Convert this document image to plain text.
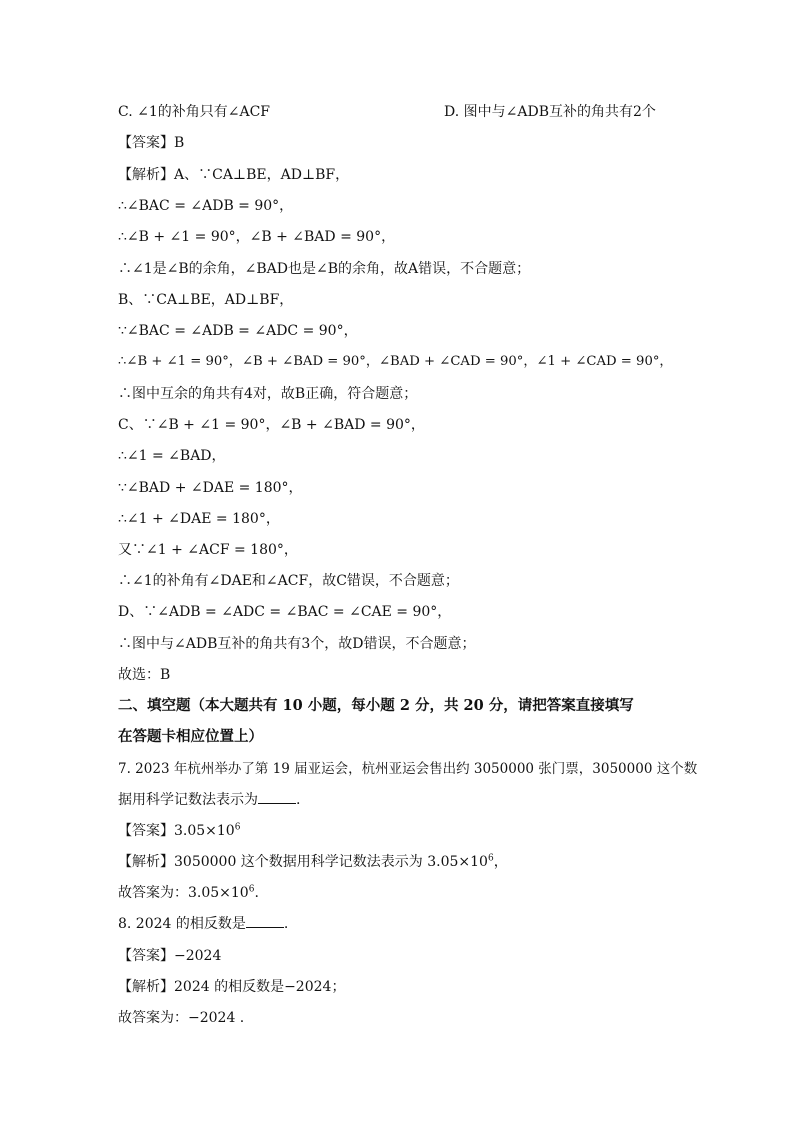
C. ∠1的补角只有∠ACF	D. 图中与∠ADB互补的角共有2个
【答案】B
【解析】A、∵CA⊥BE，AD⊥BF，
∴∠BAC = ∠ADB = 90°，
∴∠B + ∠1 = 90°，∠B + ∠BAD = 90°，
∴∠1是∠B的余角，∠BAD也是∠B的余角，故A错误，不合题意；
B、∵CA⊥BE，AD⊥BF，
∵∠BAC = ∠ADB = ∠ADC = 90°，
∴∠B + ∠1 = 90°，∠B + ∠BAD = 90°，∠BAD + ∠CAD = 90°，∠1 + ∠CAD = 90°，
∴图中互余的角共有4对，故B正确，符合题意；
C、∵∠B + ∠1 = 90°，∠B + ∠BAD = 90°，
∴∠1 = ∠BAD，
∵∠BAD + ∠DAE = 180°，
∴∠1 + ∠DAE = 180°，
又∵∠1 + ∠ACF = 180°，
∴∠1的补角有∠DAE和∠ACF，故C错误，不合题意；
D、∵∠ADB = ∠ADC = ∠BAC = ∠CAE = 90°，
∴图中与∠ADB互补的角共有3个，故D错误，不合题意；
故选：B
二、填空题（本大题共有 10 小题，每小题 2 分，共 20 分，请把答案直接填写
在答题卡相应位置上）
7. 2023 年杭州举办了第 19 届亚运会，杭州亚运会售出约 3050000 张门票，3050000 这个数
据用科学记数法表示为	.
【答案】$3.05\times 10^6$
【解析】3050000 这个数据用科学记数法表示为 $3.05\times 10^6$，
故答案为：$3.05\times 10^6$.
8. 2024 的相反数是	.
【答案】−2024
【解析】2024 的相反数是−2024；
故答案为：−2024 .
